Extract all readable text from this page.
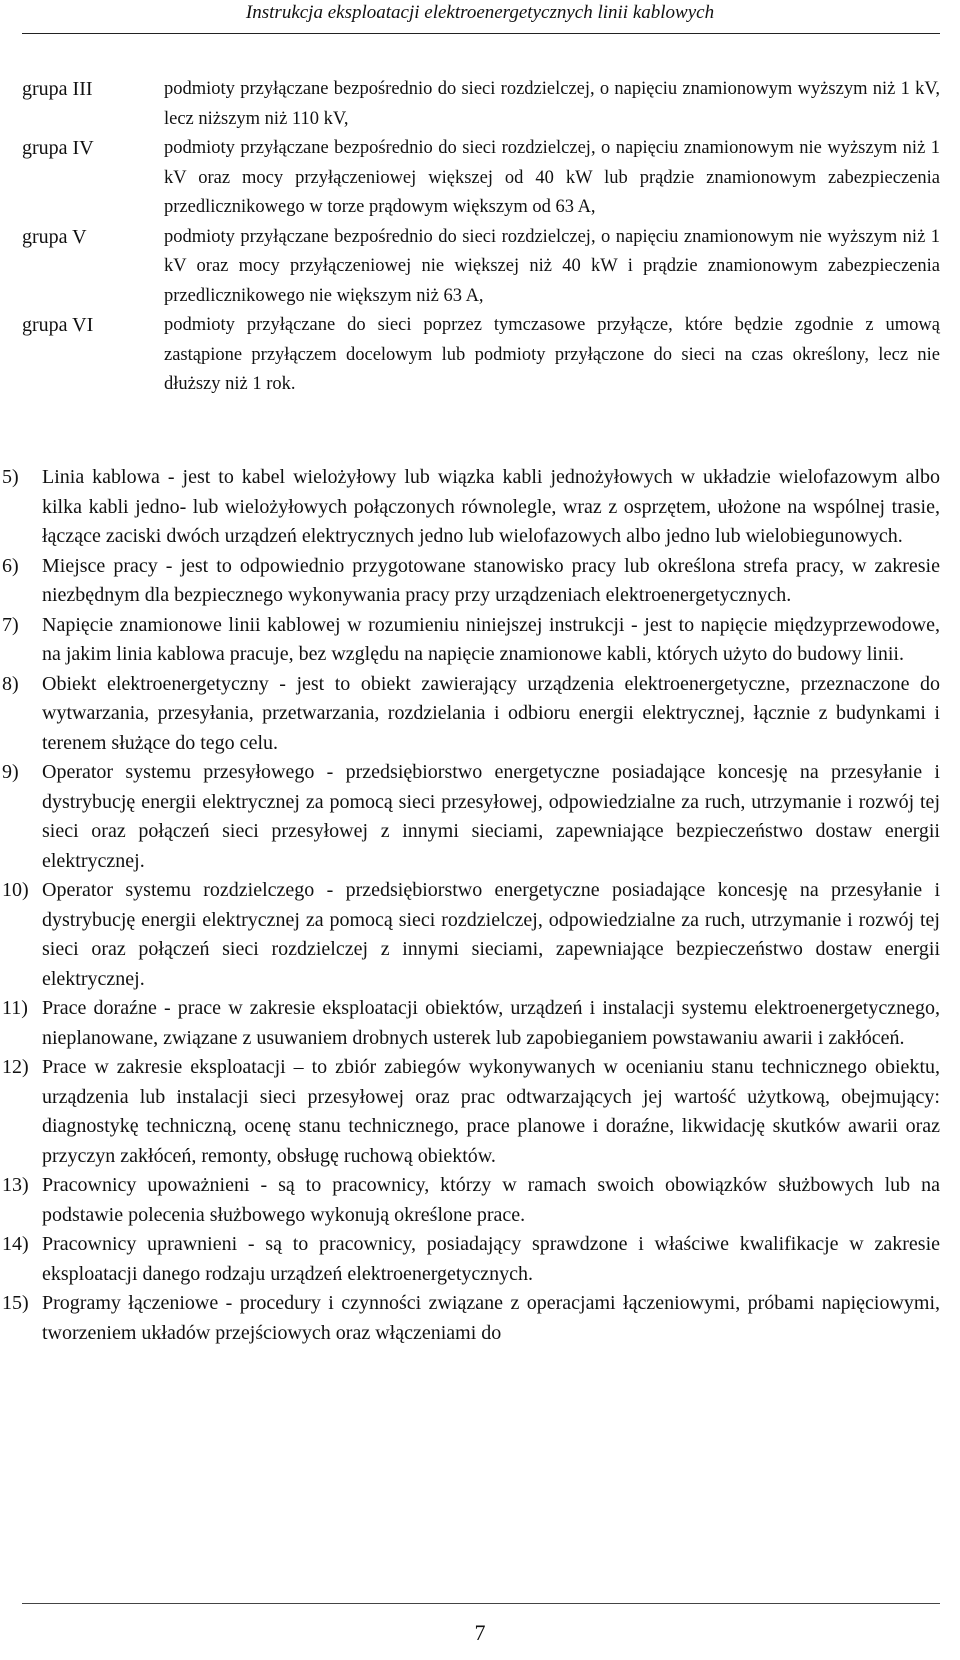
Instrukcja eksploatacji elektroenergetycznych linii kablowych
grupa III	podmioty przyłączane bezpośrednio do sieci rozdzielczej, o napięciu znamionowym wyższym niż 1 kV, lecz niższym niż 110 kV,
grupa IV	podmioty przyłączane bezpośrednio do sieci rozdzielczej, o napięciu znamionowym nie wyższym niż 1 kV oraz mocy przyłączeniowej większej od 40 kW lub prądzie znamionowym zabezpieczenia przedlicznikowego w torze prądowym większym od 63 A,
grupa V	podmioty przyłączane bezpośrednio do sieci rozdzielczej, o napięciu znamionowym nie wyższym niż 1 kV oraz mocy przyłączeniowej nie większej niż 40 kW i prądzie znamionowym zabezpieczenia przedlicznikowego nie większym niż 63 A,
grupa VI	podmioty przyłączane do sieci poprzez tymczasowe przyłącze, które będzie zgodnie z umową zastąpione przyłączem docelowym lub podmioty przyłączone do sieci na czas określony, lecz nie dłuższy niż 1 rok.
5) Linia kablowa - jest to kabel wielożyłowy lub wiązka kabli jednożyłowych w układzie wielofazowym albo kilka kabli jedno- lub wielożyłowych połączonych równolegle, wraz z osprzętem, ułożone na wspólnej trasie, łączące zaciski dwóch urządzeń elektrycznych jedno lub wielofazowych albo jedno lub wielobiegunowych.
6) Miejsce pracy - jest to odpowiednio przygotowane stanowisko pracy lub określona strefa pracy, w zakresie niezbędnym dla bezpiecznego wykonywania pracy przy urządzeniach elektroenergetycznych.
7) Napięcie znamionowe linii kablowej w rozumieniu niniejszej instrukcji - jest to napięcie międzyprzewodowe, na jakim linia kablowa pracuje, bez względu na napięcie znamionowe kabli, których użyto do budowy linii.
8) Obiekt elektroenergetyczny - jest to obiekt zawierający urządzenia elektroenergetyczne, przeznaczone do wytwarzania, przesyłania, przetwarzania, rozdzielania i odbioru energii elektrycznej, łącznie z budynkami i terenem służące do tego celu.
9) Operator systemu przesyłowego - przedsiębiorstwo energetyczne posiadające koncesję na przesyłanie i dystrybucję energii elektrycznej za pomocą sieci przesyłowej, odpowiedzialne za ruch, utrzymanie i rozwój tej sieci oraz połączeń sieci przesyłowej z innymi sieciami, zapewniające bezpieczeństwo dostaw energii elektrycznej.
10) Operator systemu rozdzielczego - przedsiębiorstwo energetyczne posiadające koncesję na przesyłanie i dystrybucję energii elektrycznej za pomocą sieci rozdzielczej, odpowiedzialne za ruch, utrzymanie i rozwój tej sieci oraz połączeń sieci rozdzielczej z innymi sieciami, zapewniające bezpieczeństwo dostaw energii elektrycznej.
11) Prace doraźne - prace w zakresie eksploatacji obiektów, urządzeń i instalacji systemu elektroenergetycznego, nieplanowane, związane z usuwaniem drobnych usterek lub zapobieganiem powstawaniu awarii i zakłóceń.
12) Prace w zakresie eksploatacji – to zbiór zabiegów wykonywanych w ocenianiu stanu technicznego obiektu, urządzenia lub instalacji sieci przesyłowej oraz prac odtwarzających jej wartość użytkową, obejmujący: diagnostykę techniczną, ocenę stanu technicznego, prace planowe i doraźne, likwidację skutków awarii oraz przyczyn zakłóceń, remonty, obsługę ruchową obiektów.
13) Pracownicy upoważnieni - są to pracownicy, którzy w ramach swoich obowiązków służbowych lub na podstawie polecenia służbowego wykonują określone prace.
14) Pracownicy uprawnieni - są to pracownicy, posiadający sprawdzone i właściwe kwalifikacje w zakresie eksploatacji danego rodzaju urządzeń elektroenergetycznych.
15) Programy łączeniowe - procedury i czynności związane z operacjami łączeniowymi, próbami napięciowymi, tworzeniem układów przejściowych oraz włączeniami do
7
